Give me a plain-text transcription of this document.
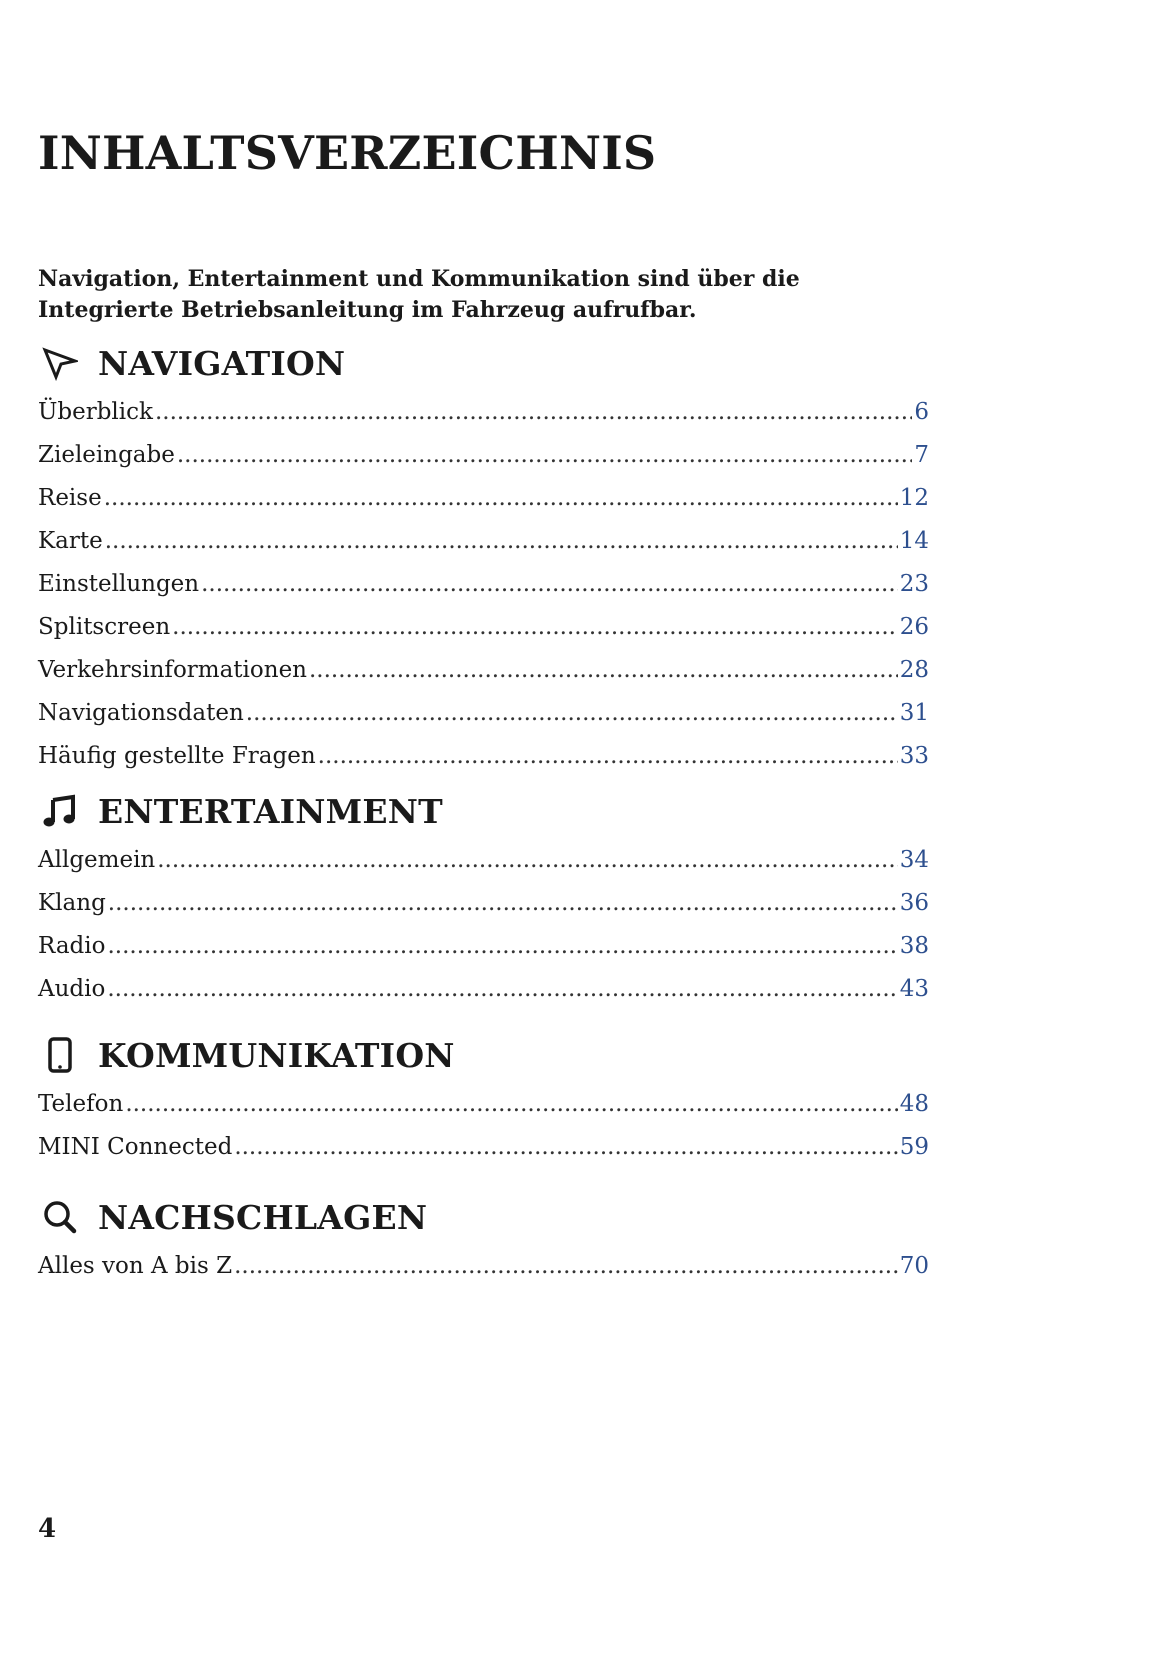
INHALTSVERZEICHNIS

Navigation, Entertainment und Kommunikation sind über die Integrierte Betriebsanleitung im Fahrzeug aufrufbar.

NAVIGATION
Überblick .....	6
Zieleingabe .....	7
Reise .....	12
Karte .....	14
Einstellungen .....	23
Splitscreen .....	26
Verkehrsinformationen .....	28
Navigationsdaten .....	31
Häufig gestellte Fragen .....	33
ENTERTAINMENT
Allgemein .....	34
Klang .....	36
Radio .....	38
Audio .....	43
KOMMUNIKATION
Telefon .....	48
MINI Connected .....	59
NACHSCHLAGEN
Alles von A bis Z .....	70
4
